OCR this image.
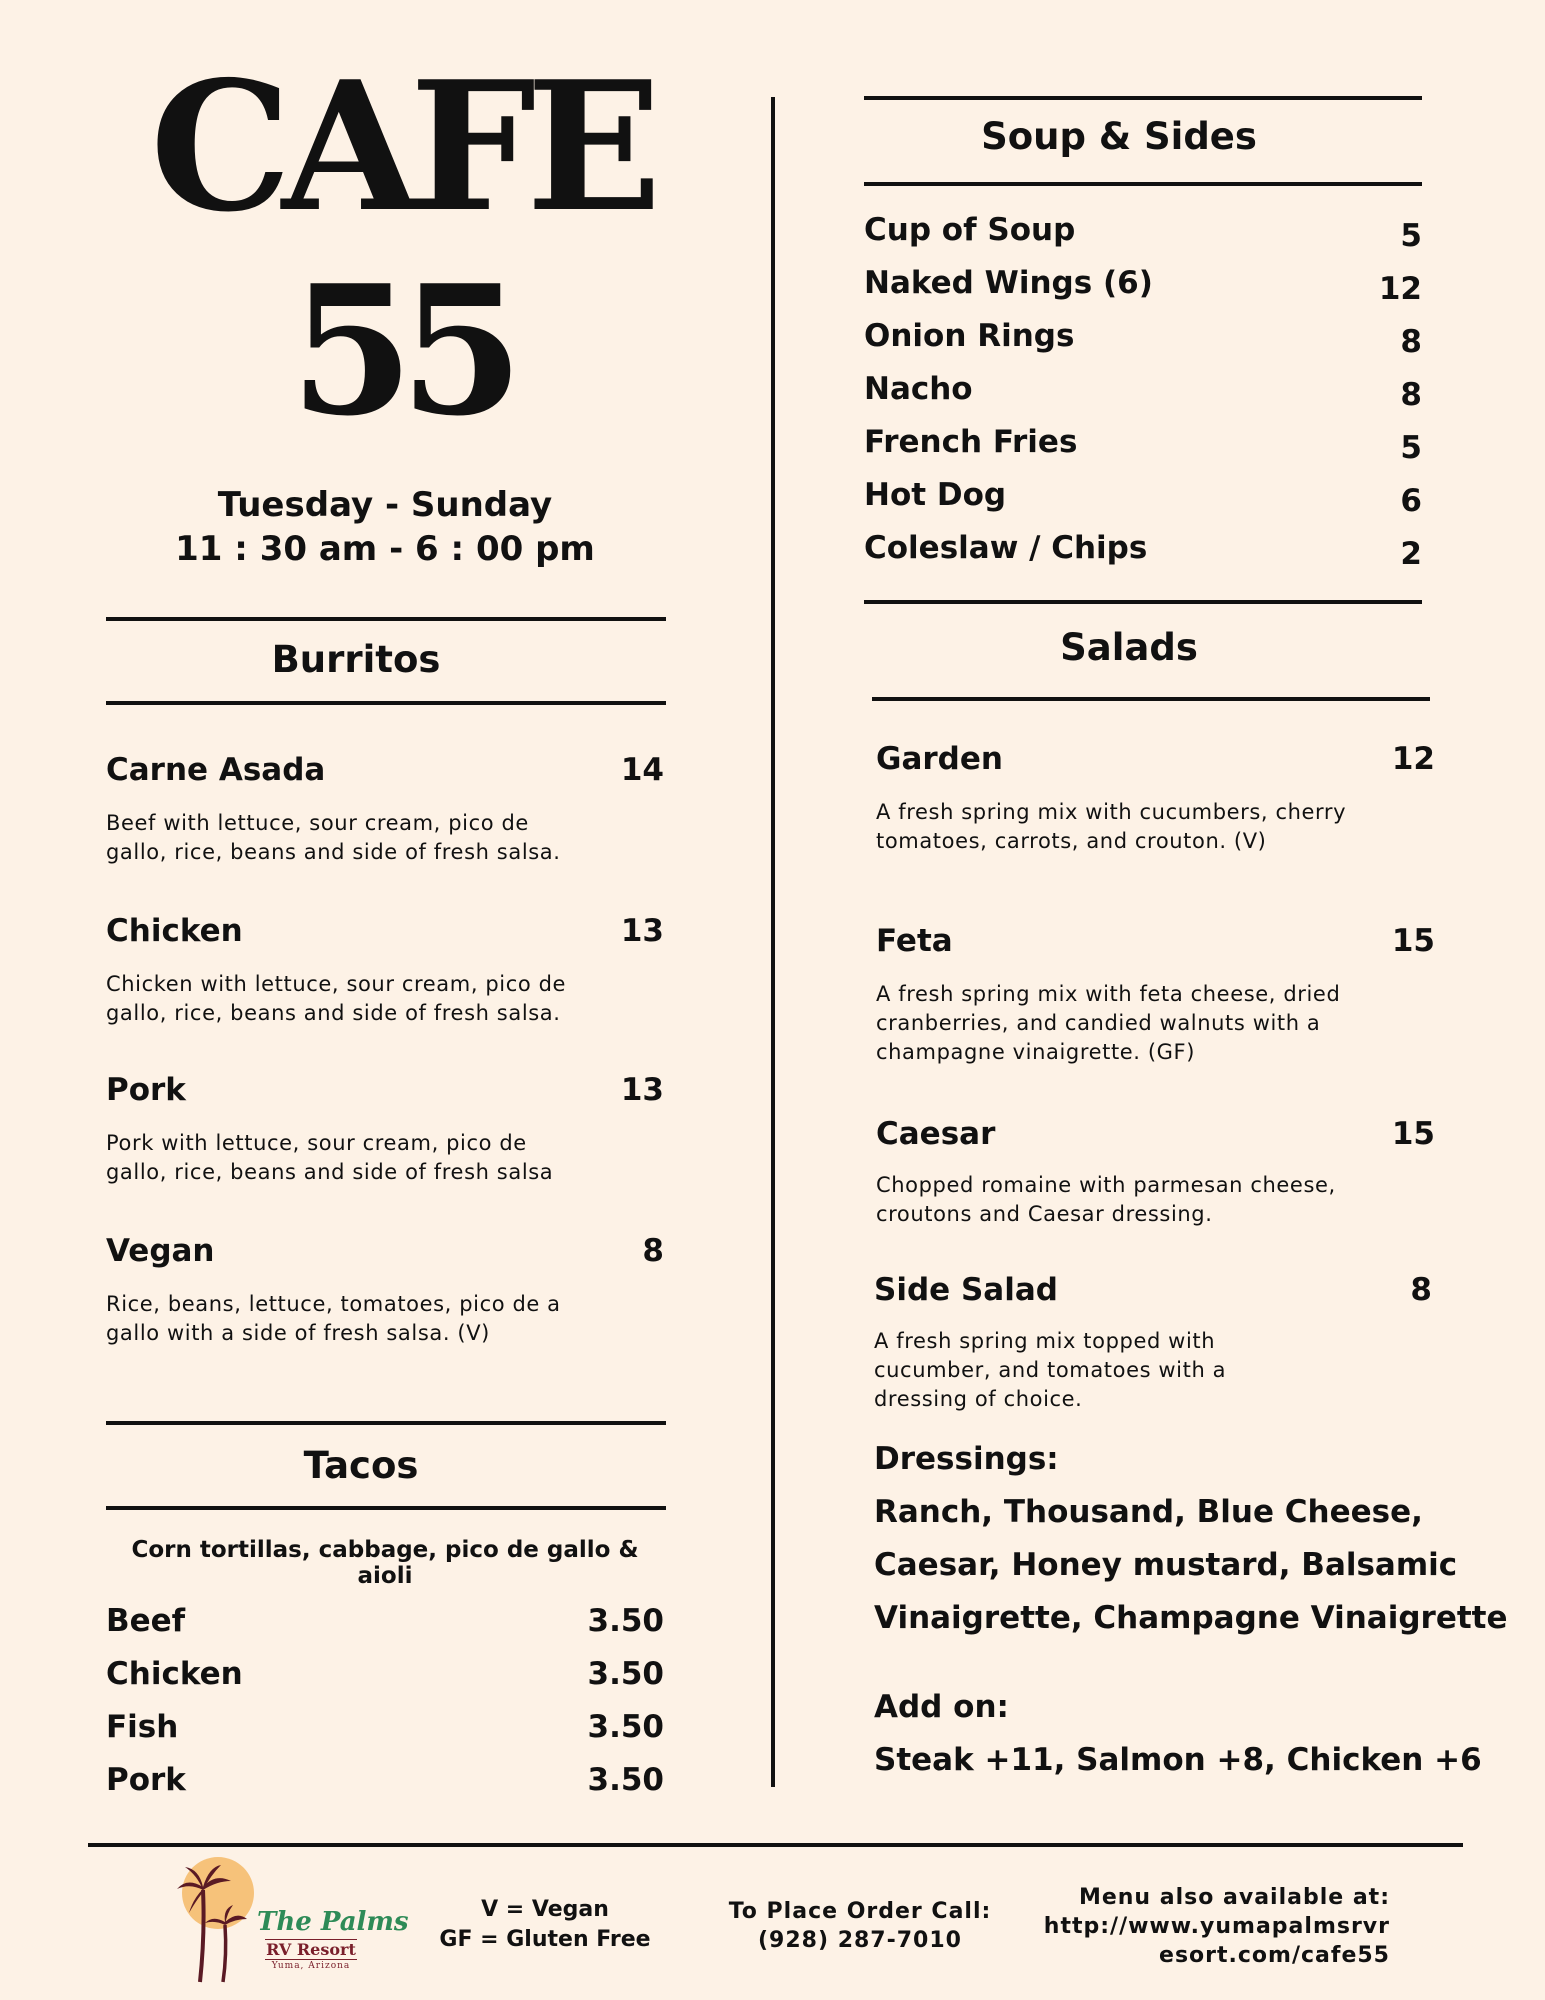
CAFE
55
Tuesday - Sunday
11 : 30 am - 6 : 00 pm
Burritos
Carne Asada	14
Beef with lettuce, sour cream, pico de gallo, rice, beans and side of fresh salsa.
Chicken	13
Chicken with lettuce, sour cream, pico de gallo, rice, beans and side of fresh salsa.
Pork	13
Pork with lettuce, sour cream, pico de gallo, rice, beans and side of fresh salsa
Vegan	8
Rice, beans, lettuce, tomatoes, pico de a gallo with a side of fresh salsa. (V)
Tacos
Corn tortillas, cabbage, pico de gallo & aioli
Beef	3.50
Chicken	3.50
Fish	3.50
Pork	3.50
Soup & Sides
Cup of Soup	5
Naked Wings (6)	12
Onion Rings	8
Nacho	8
French Fries	5
Hot Dog	6
Coleslaw / Chips	2
Salads
Garden	12
A fresh spring mix with cucumbers, cherry tomatoes, carrots, and crouton. (V)
Feta	15
A fresh spring mix with feta cheese, dried cranberries, and candied walnuts with a champagne vinaigrette. (GF)
Caesar	15
Chopped romaine with parmesan cheese, croutons and Caesar dressing.
Side Salad	8
A fresh spring mix topped with cucumber, and tomatoes with a dressing of choice.
Dressings:
Ranch, Thousand, Blue Cheese,
Caesar, Honey mustard, Balsamic
Vinaigrette, Champagne Vinaigrette
Add on:
Steak +11, Salmon +8, Chicken +6
The Palms
RV Resort
Yuma, Arizona
V = Vegan
GF = Gluten Free
To Place Order Call:
(928) 287-7010
Menu also available at:
http://www.yumapalmsrvr
esort.com/cafe55
